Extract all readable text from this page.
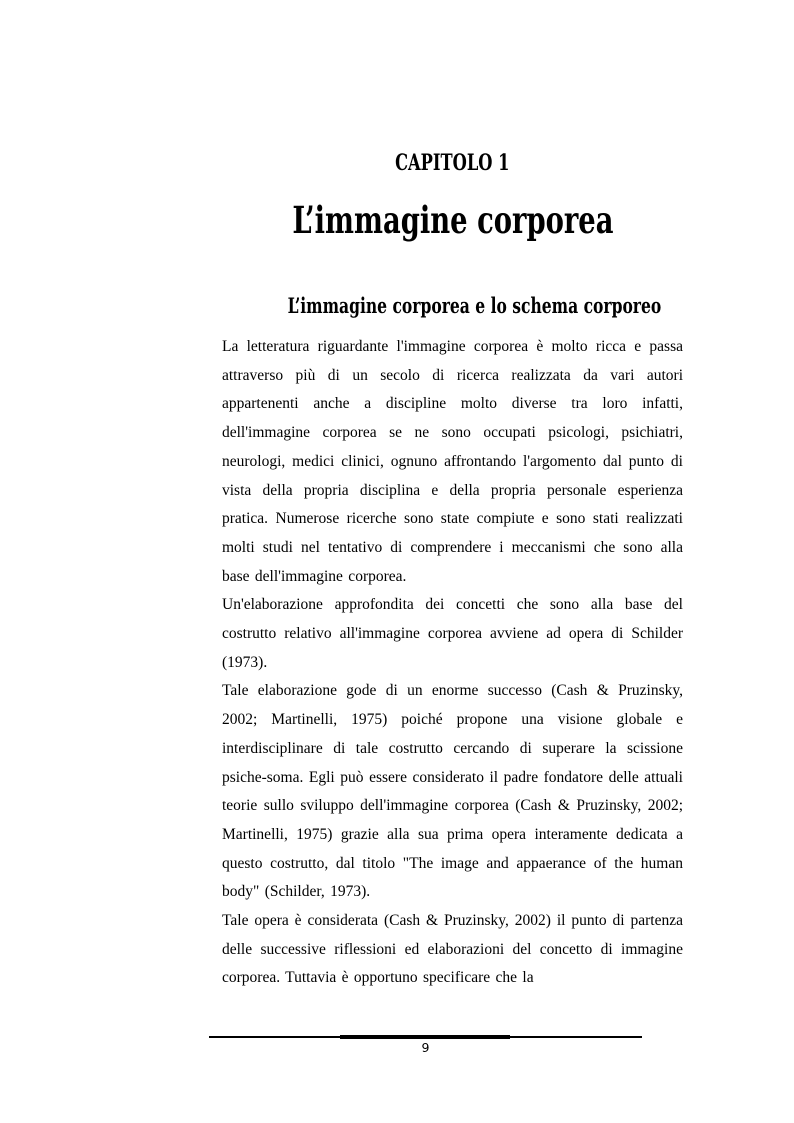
CAPITOLO 1
L’immagine corporea
L’immagine corporea e lo schema corporeo

La letteratura riguardante l'immagine corporea è molto ricca e passa attraverso più di un secolo di ricerca realizzata da vari autori appartenenti anche a discipline molto diverse tra loro infatti, dell'immagine corporea se ne sono occupati psicologi, psichiatri, neurologi, medici clinici, ognuno affrontando l'argomento dal punto di vista della propria disciplina e della propria personale esperienza pratica. Numerose ricerche sono state compiute e sono stati realizzati molti studi nel tentativo di comprendere i meccanismi che sono alla base dell'immagine corporea.

Un'elaborazione approfondita dei concetti che sono alla base del costrutto relativo all'immagine corporea avviene ad opera di Schilder (1973).

Tale elaborazione gode di un enorme successo (Cash & Pruzinsky, 2002; Martinelli, 1975) poiché propone una visione globale e interdisciplinare di tale costrutto cercando di superare la scissione psiche-soma. Egli può essere considerato il padre fondatore delle attuali teorie sullo sviluppo dell'immagine corporea (Cash & Pruzinsky, 2002; Martinelli, 1975) grazie alla sua prima opera interamente dedicata a questo costrutto, dal titolo "The image and appaerance of the human body" (Schilder, 1973).

Tale opera è considerata (Cash & Pruzinsky, 2002) il punto di partenza delle successive riflessioni ed elaborazioni del concetto di immagine corporea. Tuttavia è opportuno specificare che la

9
